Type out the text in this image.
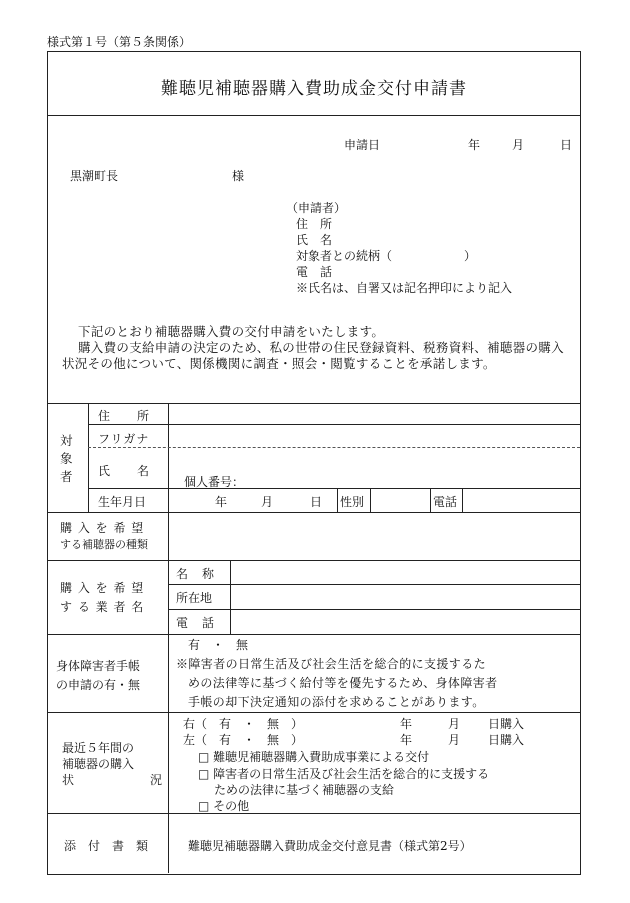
様式第１号（第５条関係）
難聴児補聴器購入費助成金交付申請書
申請日	年	月	日
黒潮町長	様
（申請者）
住　所
氏　名
対象者との続柄（　　　　　　）
電　話
※氏名は、自署又は記名押印により記入
下記のとおり補聴器購入費の交付申請をいたします。
購入費の支給申請の決定のため、私の世帯の住民登録資料、税務資料、補聴器の購入状況その他について、関係機関に調査・照会・閲覧することを承諾します。
対
象
者
住　　所
フリガナ
氏　　名
個人番号：
生年月日	年	月	日 性別	電話
購 入 を 希 望
する補聴器の種類
購 入 を 希 望
す る 業 者 名
名　称
所在地
電　話
身体障害者手帳
の申請の有・無
有　・　無
※障害者の日常生活及び社会生活を総合的に支援するた
めの法律等に基づく給付等を優先するため、身体障害者
手帳の却下決定通知の添付を求めることがあります。
最近５年間の
補聴器の購入
状	況
右（　有　・　無　）	年	月 日購入
左（　有　・　無　）	年	月 日購入
□ 難聴児補聴器購入費助成事業による交付
□ 障害者の日常生活及び社会生活を総合的に支援する
ための法律に基づく補聴器の支給
□ その他
添　付　書　類	難聴児補聴器購入費助成金交付意見書（様式第2号）
